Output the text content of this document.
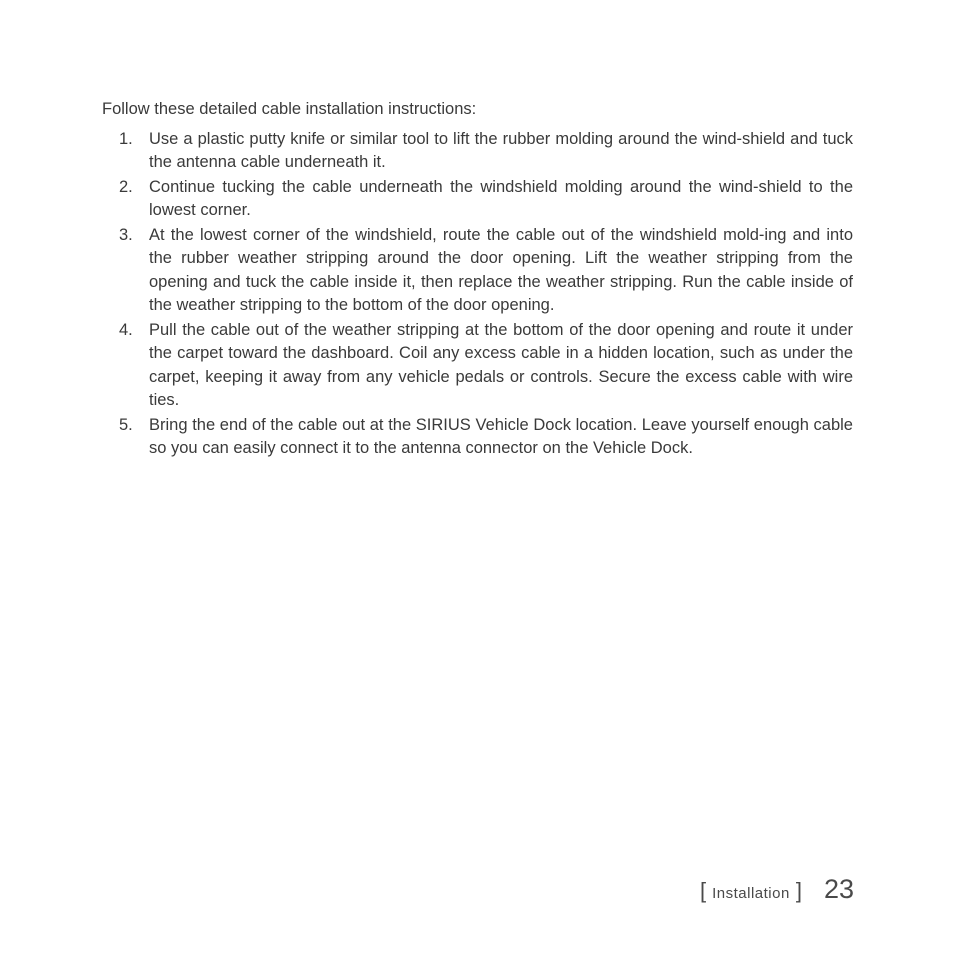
Follow these detailed cable installation instructions:

1. Use a plastic putty knife or similar tool to lift the rubber molding around the wind-shield and tuck the antenna cable underneath it.
2. Continue tucking the cable underneath the windshield molding around the wind-shield to the lowest corner.
3. At the lowest corner of the windshield, route the cable out of the windshield mold-ing and into the rubber weather stripping around the door opening. Lift the weather stripping from the opening and tuck the cable inside it, then replace the weather stripping. Run the cable inside of the weather stripping to the bottom of the door opening.
4. Pull the cable out of the weather stripping at the bottom of the door opening and route it under the carpet toward the dashboard. Coil any excess cable in a hidden location, such as under the carpet, keeping it away from any vehicle pedals or controls. Secure the excess cable with wire ties.
5. Bring the end of the cable out at the SIRIUS Vehicle Dock location. Leave yourself enough cable so you can easily connect it to the antenna connector on the Vehicle Dock.
[ Installation ] 23
